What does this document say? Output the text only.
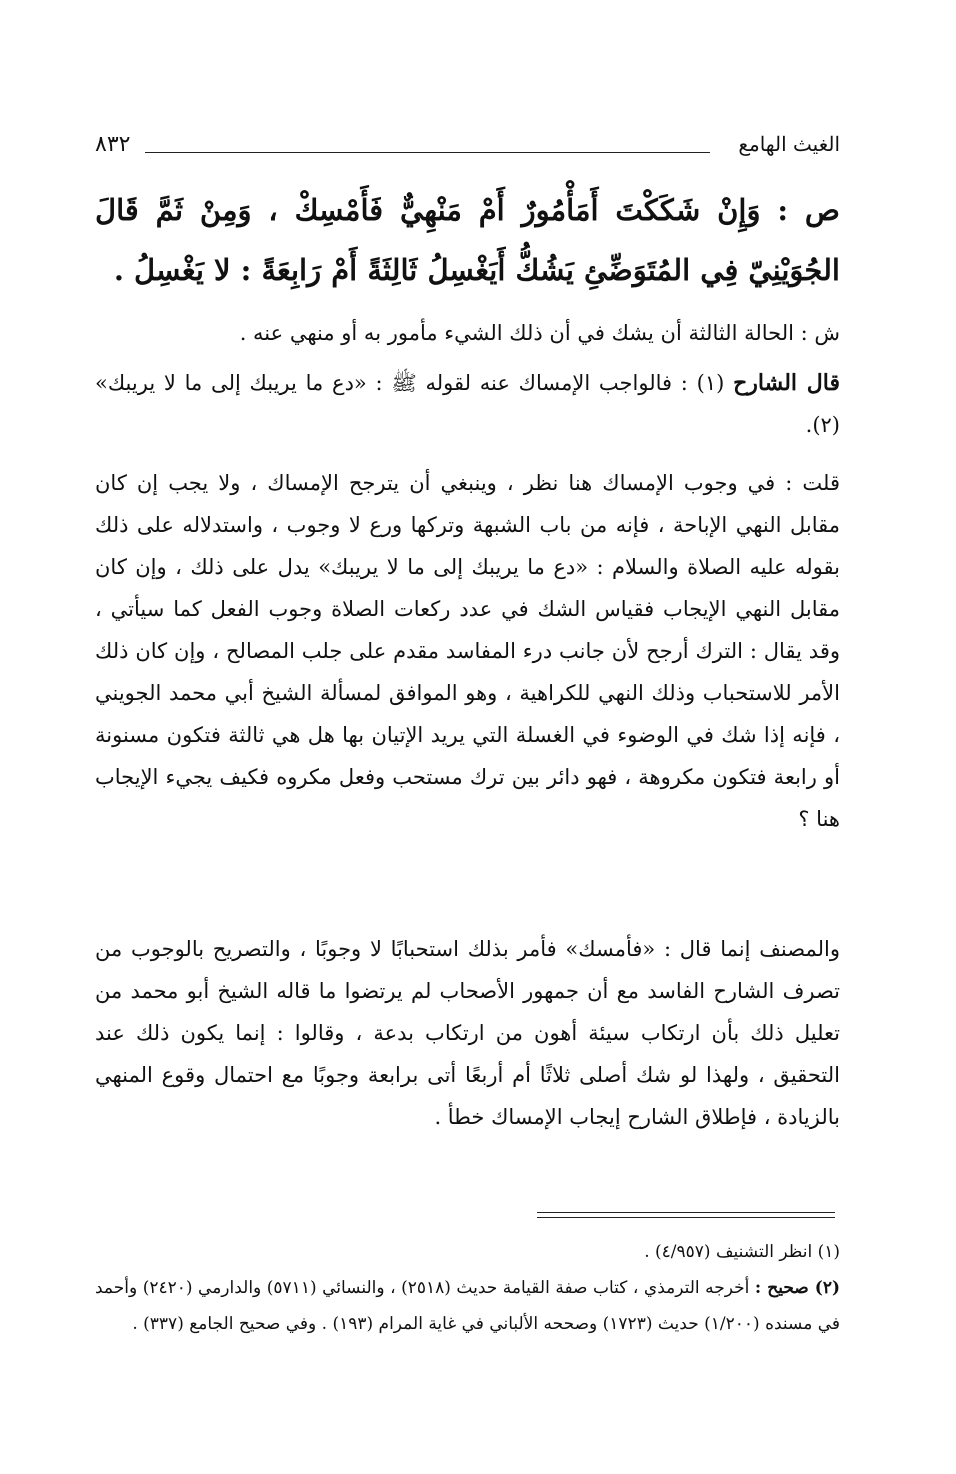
٨٣٢	الغيث الهامع

ص : وَإِنْ شَكَكْتَ أَمَأْمُورٌ أَمْ مَنْهِيٌّ فَأَمْسِكْ ، وَمِنْ ثَمَّ قَالَ الجُوَيْنِيّ فِي المُتَوَضِّئِ يَشُكُّ أَيَغْسِلُ ثَالِثَةً أَمْ رَابِعَةً : لا يَغْسِلُ .

ش : الحالة الثالثة أن يشك في أن ذلك الشيء مأمور به أو منهي عنه .

قال الشارح (١) : فالواجب الإمساك عنه لقوله ﷺ : «دع ما يريبك إلى ما لا يريبك» (٢).

قلت : في وجوب الإمساك هنا نظر ، وينبغي أن يترجح الإمساك ، ولا يجب إن كان مقابل النهي الإباحة ، فإنه من باب الشبهة وتركها ورع لا وجوب ، واستدلاله على ذلك بقوله عليه الصلاة والسلام : «دع ما يريبك إلى ما لا يريبك» يدل على ذلك ، وإن كان مقابل النهي الإيجاب فقياس الشك في عدد ركعات الصلاة وجوب الفعل كما سيأتي ، وقد يقال : الترك أرجح لأن جانب درء المفاسد مقدم على جلب المصالح ، وإن كان ذلك الأمر للاستحباب وذلك النهي للكراهية ، وهو الموافق لمسألة الشيخ أبي محمد الجويني ، فإنه إذا شك في الوضوء في الغسلة التي يريد الإتيان بها هل هي ثالثة فتكون مسنونة أو رابعة فتكون مكروهة ، فهو دائر بين ترك مستحب وفعل مكروه فكيف يجيء الإيجاب هنا ؟

والمصنف إنما قال : «فأمسك» فأمر بذلك استحبابًا لا وجوبًا ، والتصريح بالوجوب من تصرف الشارح الفاسد مع أن جمهور الأصحاب لم يرتضوا ما قاله الشيخ أبو محمد من تعليل ذلك بأن ارتكاب سيئة أهون من ارتكاب بدعة ، وقالوا : إنما يكون ذلك عند التحقيق ، ولهذا لو شك أصلى ثلاثًا أم أربعًا أتى برابعة وجوبًا مع احتمال وقوع المنهي بالزيادة ، فإطلاق الشارح إيجاب الإمساك خطأ .

(١) انظر التشنيف (٤/٩٥٧) .

(٢) صحيح : أخرجه الترمذي ، كتاب صفة القيامة حديث (٢٥١٨) ، والنسائي (٥٧١١) والدارمي (٢٤٢٠) وأحمد في مسنده (١/٢٠٠) حديث (١٧٢٣) وصححه الألباني في غاية المرام (١٩٣) . وفي صحيح الجامع (٣٣٧) .
